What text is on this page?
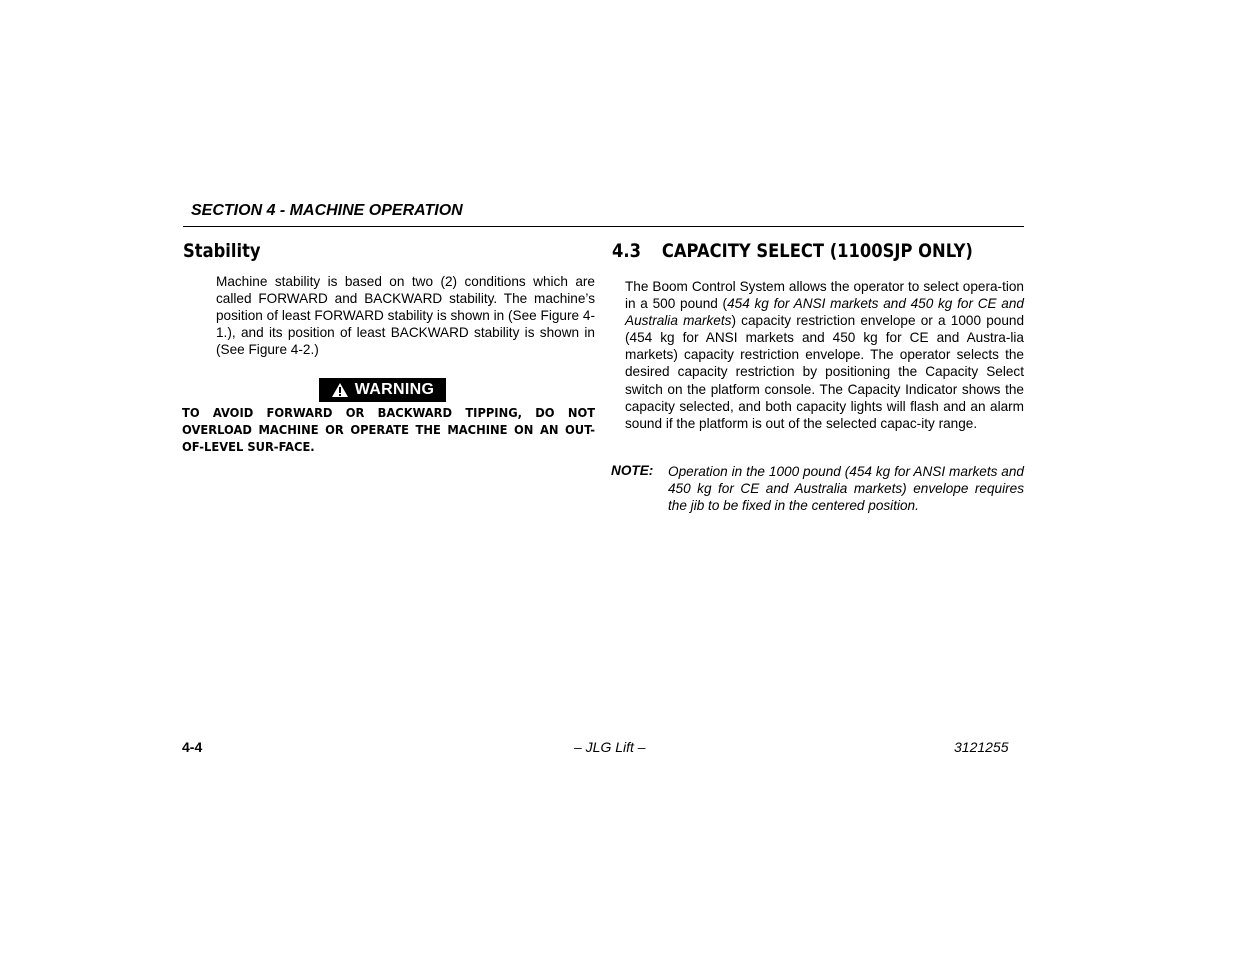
SECTION 4 - MACHINE OPERATION
Stability
Machine stability is based on two (2) conditions which are called FORWARD and BACKWARD stability. The machine’s position of least FORWARD stability is shown in (See Figure 4-1.), and its position of least BACKWARD stability is shown in (See Figure 4-2.)
WARNING
TO AVOID FORWARD OR BACKWARD TIPPING, DO NOT OVERLOAD MACHINE OR OPERATE THE MACHINE ON AN OUT-OF-LEVEL SUR-FACE.
4.3 CAPACITY SELECT (1100SJP ONLY)
The Boom Control System allows the operator to select opera-tion in a 500 pound (454 kg for ANSI markets and 450 kg for CE and Australia markets) capacity restriction envelope or a 1000 pound (454 kg for ANSI markets and 450 kg for CE and Austra-lia markets) capacity restriction envelope. The operator selects the desired capacity restriction by positioning the Capacity Select switch on the platform console. The Capacity Indicator shows the capacity selected, and both capacity lights will flash and an alarm sound if the platform is out of the selected capac-ity range.
NOTE: Operation in the 1000 pound (454 kg for ANSI markets and 450 kg for CE and Australia markets) envelope requires the jib to be fixed in the centered position.
4-4	– JLG Lift –	3121255
